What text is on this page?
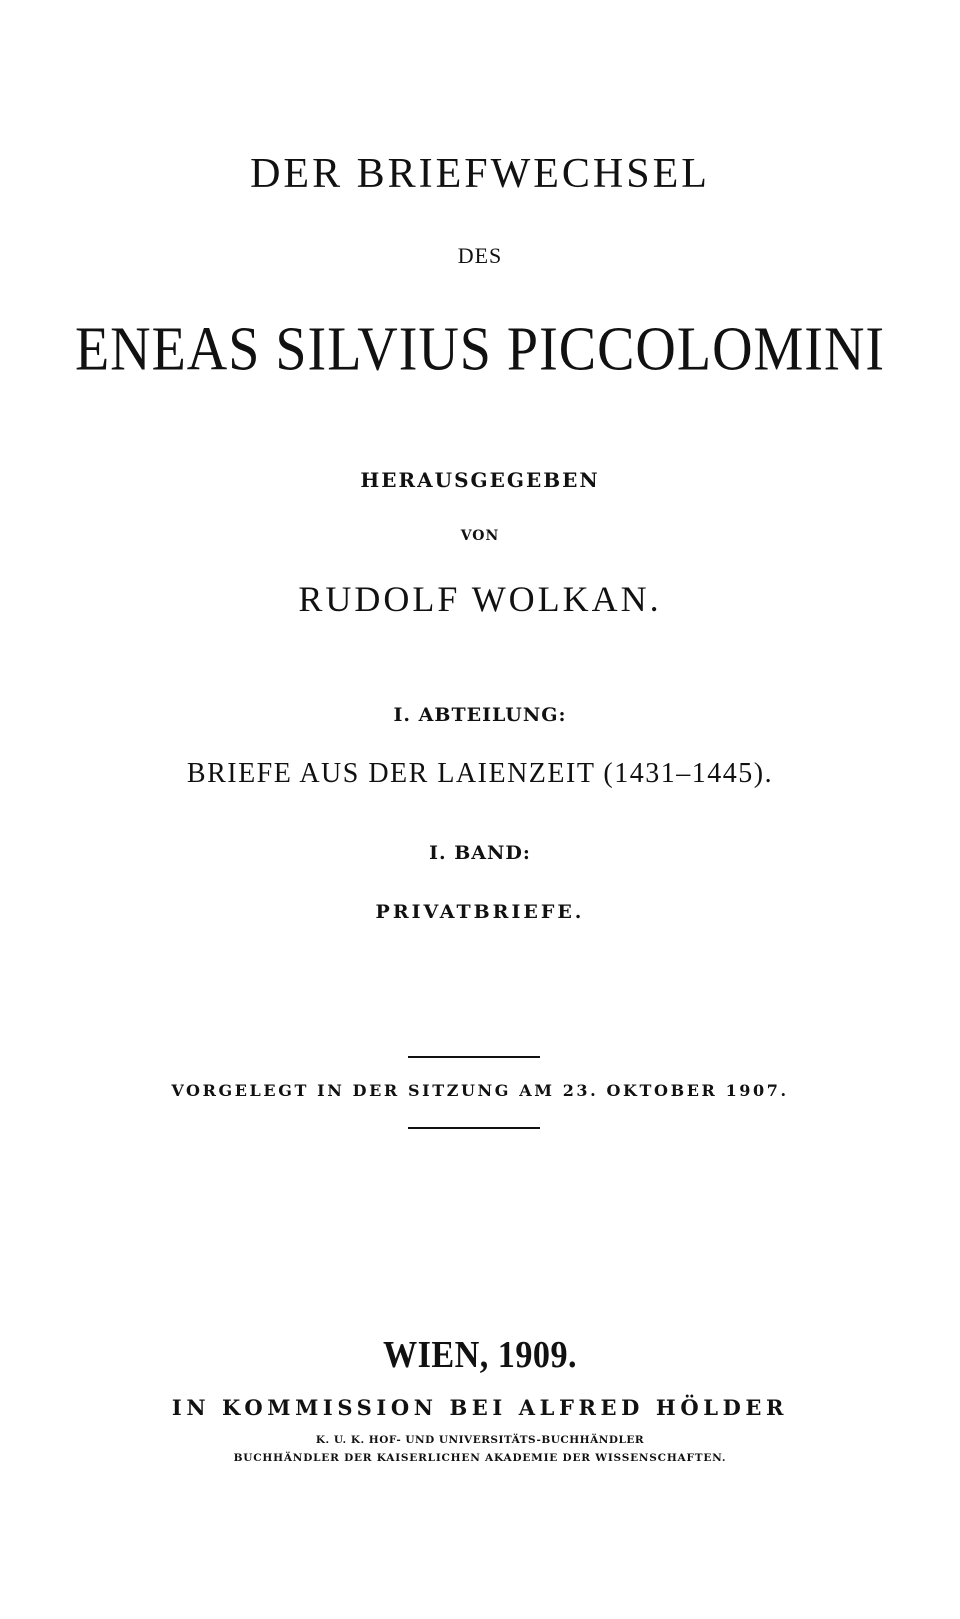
DER BRIEFWECHSEL
DES
ENEAS SILVIUS PICCOLOMINI
HERAUSGEGEBEN
VON
RUDOLF WOLKAN.
I. ABTEILUNG:
BRIEFE AUS DER LAIENZEIT (1431–1445).
I. BAND:
PRIVATBRIEFE.
VORGELEGT IN DER SITZUNG AM 23. OKTOBER 1907.
WIEN, 1909.
IN KOMMISSION BEI ALFRED HÖLDER
K. U. K. HOF- UND UNIVERSITÄTS-BUCHHÄNDLER
BUCHHÄNDLER DER KAISERLICHEN AKADEMIE DER WISSENSCHAFTEN.
